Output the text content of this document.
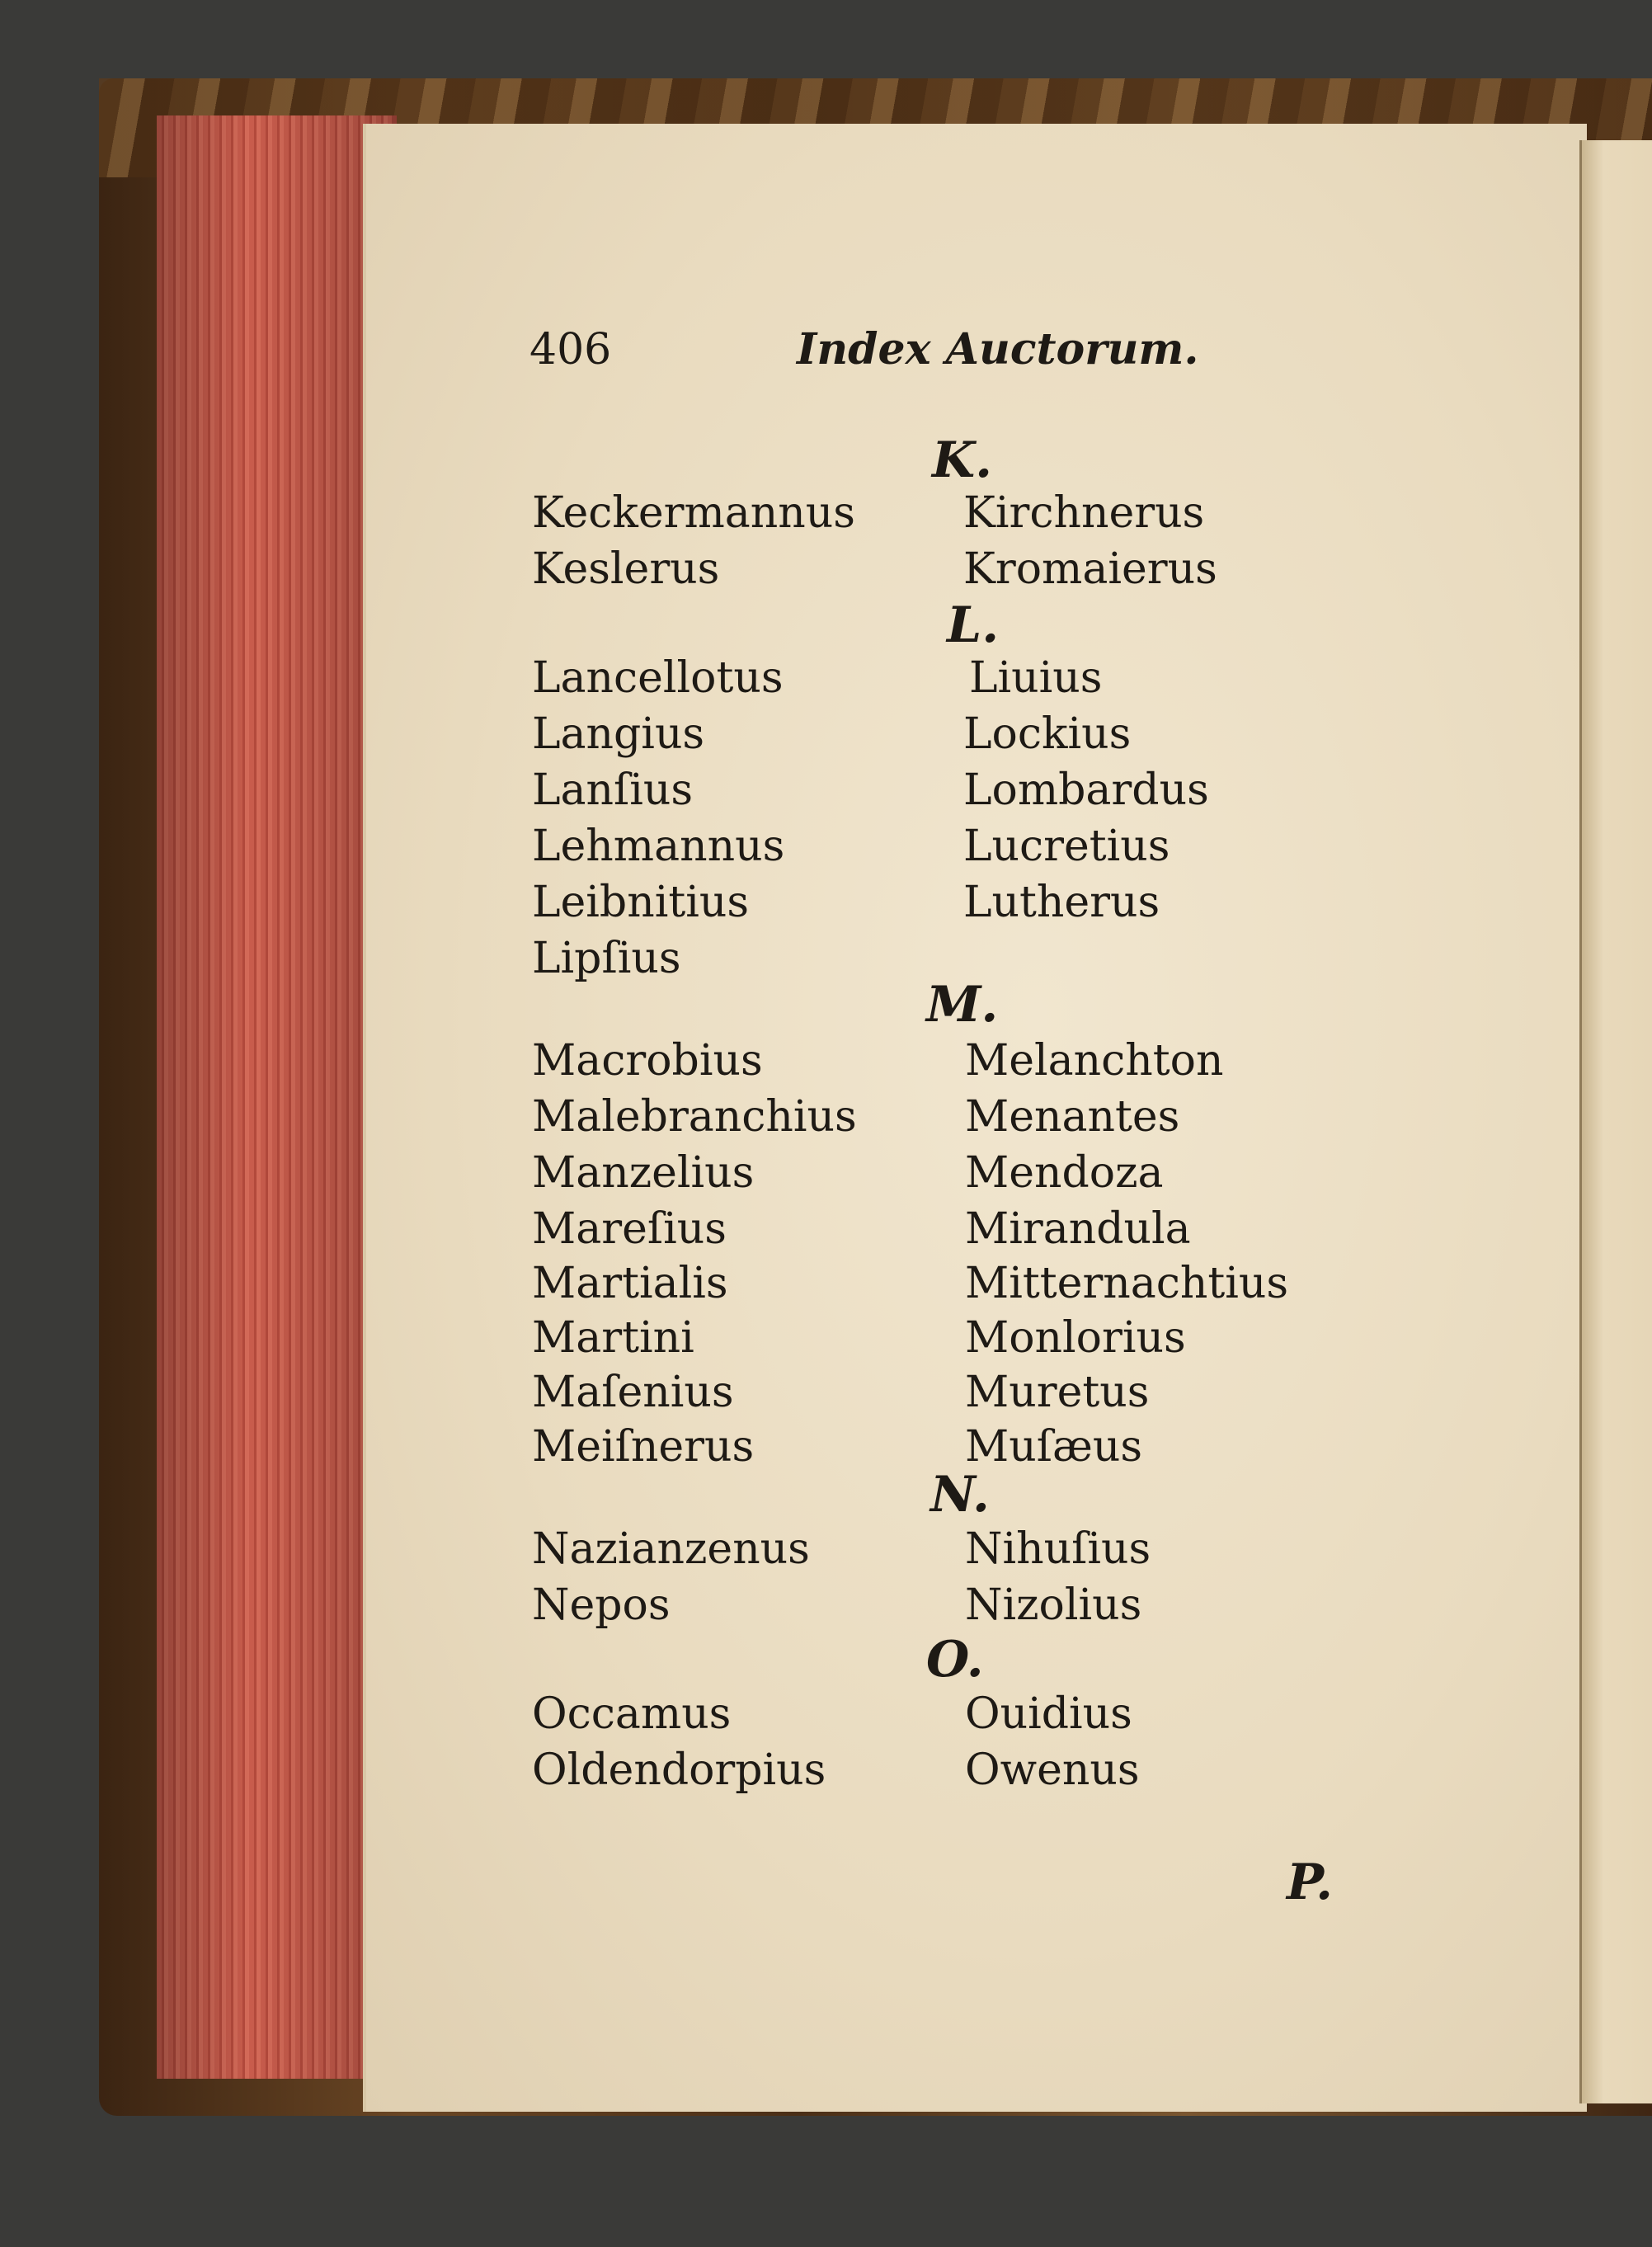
406	Index Auctorum.
K.
Keckermannus
Keslerus
Kirchnerus
Kromaierus
L.
Lancellotus
Langius
Lanſius
Lehmannus
Leibnitius
Lipſius
Liuius
Lockius
Lombardus
Lucretius
Lutherus
M.
Macrobius
Malebranchius
Manzelius
Mareſius
Martialis
Martini
Maſenius
Meiſnerus
Melanchton
Menantes
Mendoza
Mirandula
Mitternachtius
Monlorius
Muretus
Muſæus
N.
Nazianzenus
Nepos
Nihuſius
Nizolius
O.
Occamus
Oldendorpius
Ouidius
Owenus
P.
